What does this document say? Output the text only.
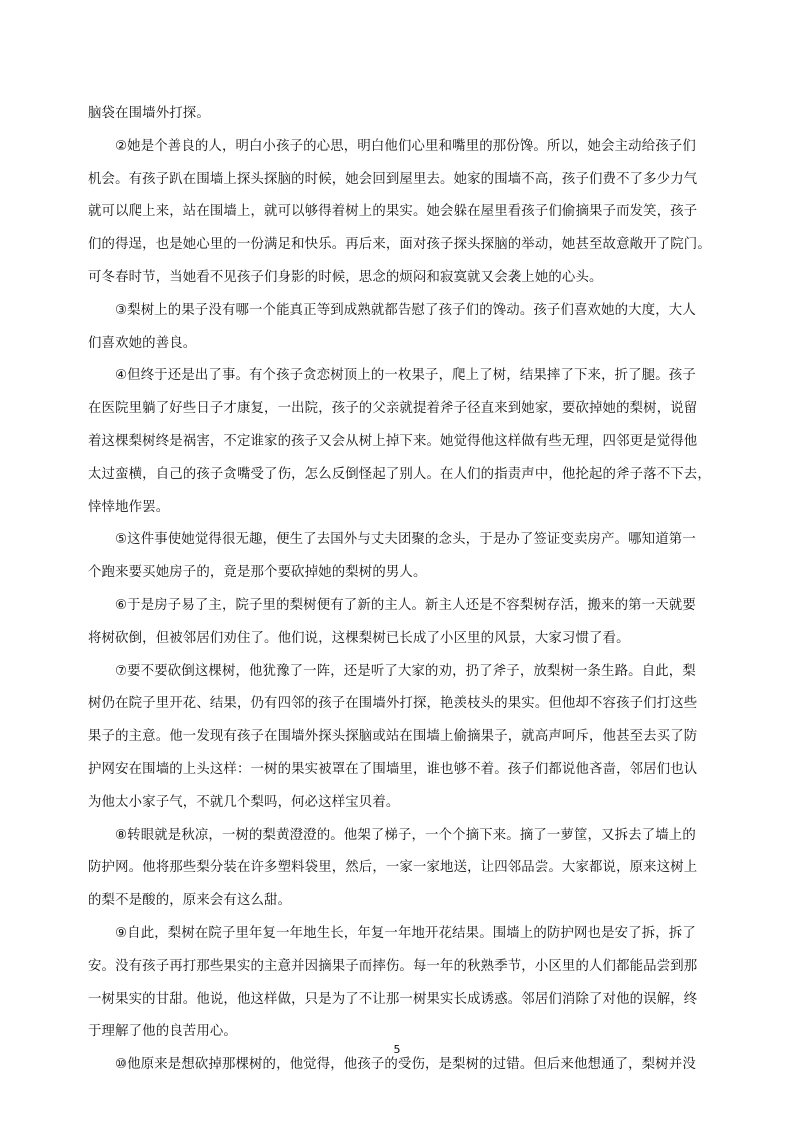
脑袋在围墙外打探。
②她是个善良的人，明白小孩子的心思，明白他们心里和嘴里的那份馋。所以，她会主动给孩子们
机会。有孩子趴在围墙上探头探脑的时候，她会回到屋里去。她家的围墙不高，孩子们费不了多少力气
就可以爬上来，站在围墙上，就可以够得着树上的果实。她会躲在屋里看孩子们偷摘果子而发笑，孩子
们的得逞，也是她心里的一份满足和快乐。再后来，面对孩子探头探脑的举动，她甚至故意敞开了院门。
可冬春时节，当她看不见孩子们身影的时候，思念的烦闷和寂寞就又会袭上她的心头。
③梨树上的果子没有哪一个能真正等到成熟就都告慰了孩子们的馋动。孩子们喜欢她的大度，大人
们喜欢她的善良。
④但终于还是出了事。有个孩子贪恋树顶上的一枚果子，爬上了树，结果摔了下来，折了腿。孩子
在医院里躺了好些日子才康复，一出院，孩子的父亲就提着斧子径直来到她家，要砍掉她的梨树，说留
着这棵梨树终是祸害，不定谁家的孩子又会从树上掉下来。她觉得他这样做有些无理，四邻更是觉得他
太过蛮横，自己的孩子贪嘴受了伤，怎么反倒怪起了别人。在人们的指责声中，他抡起的斧子落不下去，
悻悻地作罢。
⑤这件事使她觉得很无趣，便生了去国外与丈夫团聚的念头，于是办了签证变卖房产。哪知道第一
个跑来要买她房子的，竟是那个要砍掉她的梨树的男人。
⑥于是房子易了主，院子里的梨树便有了新的主人。新主人还是不容梨树存活，搬来的第一天就要
将树砍倒，但被邻居们劝住了。他们说，这棵梨树已长成了小区里的风景，大家习惯了看。
⑦要不要砍倒这棵树，他犹豫了一阵，还是听了大家的劝，扔了斧子，放梨树一条生路。自此，梨
树仍在院子里开花、结果，仍有四邻的孩子在围墙外打探，艳羡枝头的果实。但他却不容孩子们打这些
果子的主意。他一发现有孩子在围墙外探头探脑或站在围墙上偷摘果子，就高声呵斥，他甚至去买了防
护网安在围墙的上头这样：一树的果实被罩在了围墙里，谁也够不着。孩子们都说他吝啬，邻居们也认
为他太小家子气，不就几个梨吗，何必这样宝贝着。
⑧转眼就是秋凉，一树的梨黄澄澄的。他架了梯子，一个个摘下来。摘了一萝筐，又拆去了墙上的
防护网。他将那些梨分装在许多塑料袋里，然后，一家一家地送，让四邻品尝。大家都说，原来这树上
的梨不是酸的，原来会有这么甜。
⑨自此，梨树在院子里年复一年地生长，年复一年地开花结果。围墙上的防护网也是安了拆，拆了
安。没有孩子再打那些果实的主意并因摘果子而摔伤。每一年的秋熟季节，小区里的人们都能品尝到那
一树果实的甘甜。他说，他这样做，只是为了不让那一树果实长成诱惑。邻居们消除了对他的误解，终
于理解了他的良苦用心。
⑩他原来是想砍掉那棵树的，他觉得，他孩子的受伤，是梨树的过错。但后来他想通了，梨树并没
5
